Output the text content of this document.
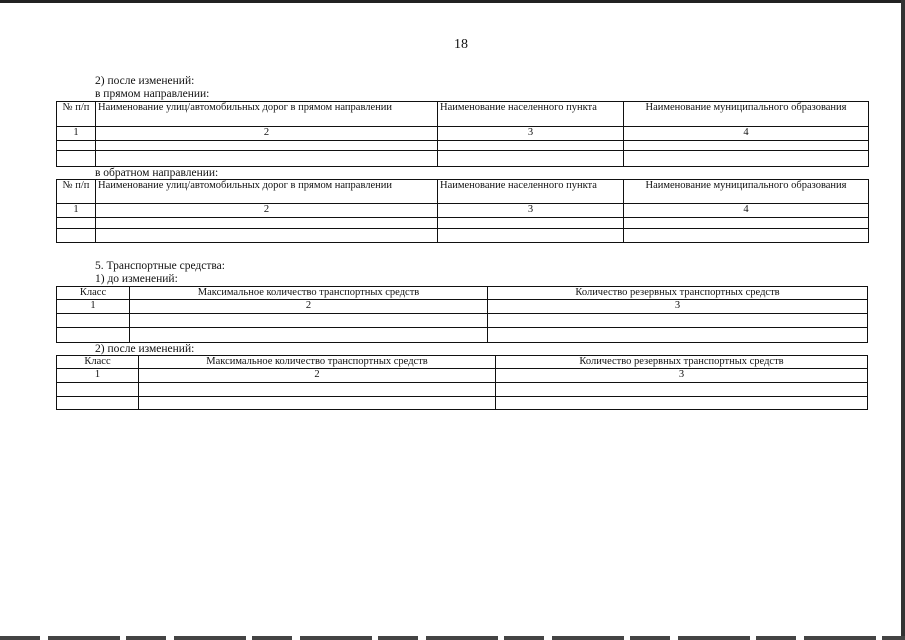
18
2) после изменений:
в прямом направлении:
№ п/п	Наименование улиц/автомобильных дорог в прямом направлении	Наименование населенного пункта	Наименование муниципального образования
1	2	3	4

в обратном направлении:
№ п/п	Наименование улиц/автомобильных дорог в прямом направлении	Наименование населенного пункта	Наименование муниципального образования
1	2	3	4

5. Транспортные средства:
1) до изменений:
Класс	Максимальное количество транспортных средств	Количество резервных транспортных средств
1	2	3

2) после изменений:
Класс	Максимальное количество транспортных средств	Количество резервных транспортных средств
1	2	3
